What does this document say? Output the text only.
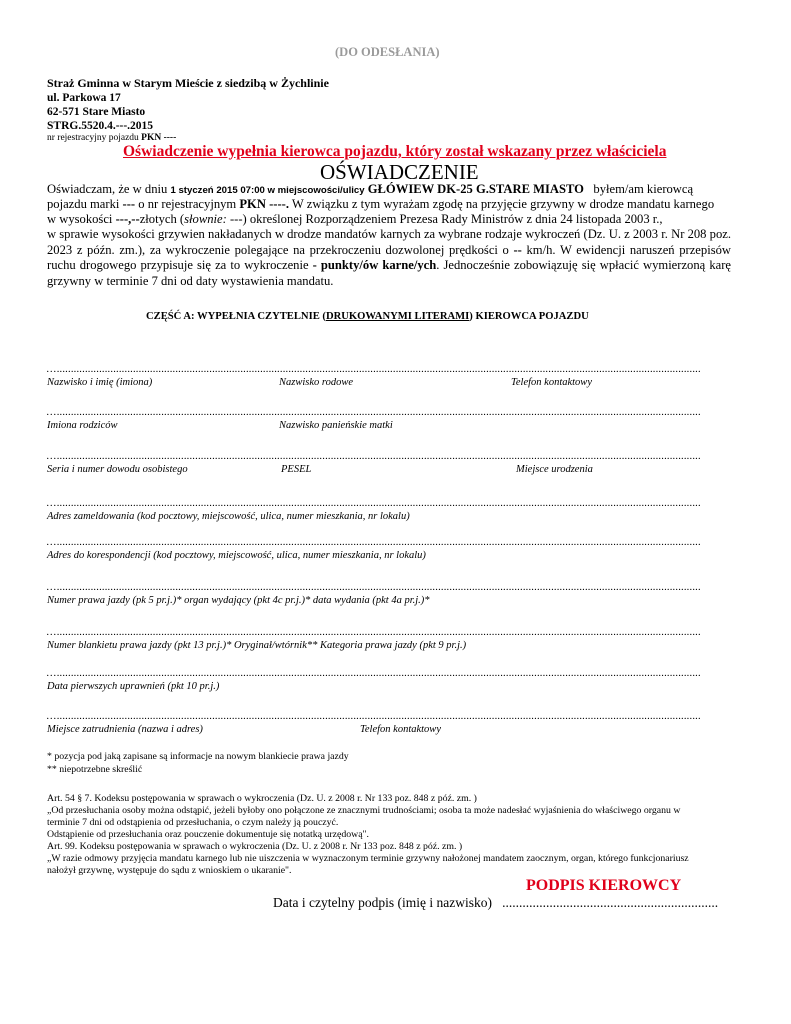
(DO ODESŁANIA)
Straż Gminna w Starym Mieście z siedzibą w Żychlinie
ul. Parkowa 17
62-571 Stare Miasto
STRG.5520.4.---.2015
nr rejestracyjny pojazdu PKN ----
Oświadczenie wypełnia kierowca pojazdu, który został wskazany przez właściciela
OŚWIADCZENIE
Oświadczam, że w dniu 1 styczeń 2015 07:00 w miejscowości/ulicy GŁÓWIEW DK-25 G.STARE MIASTO byłem/am kierowcą
pojazdu marki --- o nr rejestracyjnym PKN ----. W związku z tym wyrażam zgodę na przyjęcie grzywny w drodze mandatu karnego
w wysokości ---,--złotych (słownie: ---) określonej Rozporządzeniem Prezesa Rady Ministrów z dnia 24 listopada 2003 r.,
w sprawie wysokości grzywien nakładanych w drodze mandatów karnych za wybrane rodzaje wykroczeń (Dz. U. z 2003 r. Nr 208 poz. 2023 z późn. zm.), za wykroczenie polegające na przekroczeniu dozwolonej prędkości o -- km/h. W ewidencji naruszeń przepisów ruchu drogowego przypisuje się za to wykroczenie - punkty/ów karne/ych. Jednocześnie zobowiązuję się wpłacić wymierzoną karę grzywny w terminie 7 dni od daty wystawienia mandatu.
CZĘŚĆ A: WYPEŁNIA CZYTELNIE (DRUKOWANYMI LITERAMI) KIEROWCA POJAZDU
…....................................................................................................................................................................................................................................
Nazwisko i imię (imiona)	Nazwisko rodowe	Telefon kontaktowy
…....................................................................................................................................................................................................................................
Imiona rodziców	Nazwisko panieńskie matki
…....................................................................................................................................................................................................................................
Seria i numer dowodu osobistego	PESEL	Miejsce urodzenia
…....................................................................................................................................................................................................................................
Adres zameldowania (kod pocztowy, miejscowość, ulica, numer mieszkania, nr lokalu)
…....................................................................................................................................................................................................................................
Adres do korespondencji (kod pocztowy, miejscowość, ulica, numer mieszkania, nr lokalu)
…....................................................................................................................................................................................................................................
Numer prawa jazdy (pk 5 pr.j.)* organ wydający (pkt 4c pr.j.)* data wydania (pkt 4a pr.j.)*
…....................................................................................................................................................................................................................................
Numer blankietu prawa jazdy (pkt 13 pr.j.)* Oryginał/wtórnik** Kategoria prawa jazdy (pkt 9 pr.j.)
…....................................................................................................................................................................................................................................
Data pierwszych uprawnień (pkt 10 pr.j.)
…....................................................................................................................................................................................................................................
Miejsce zatrudnienia (nazwa i adres)	Telefon kontaktowy
* pozycja pod jaką zapisane są informacje na nowym blankiecie prawa jazdy
** niepotrzebne skreślić
Art. 54 § 7. Kodeksu postępowania w sprawach o wykroczenia (Dz. U. z 2008 r. Nr 133 poz. 848 z póź. zm. )
„Od przesłuchania osoby można odstąpić, jeżeli byłoby ono połączone ze znacznymi trudnościami; osoba ta może nadesłać wyjaśnienia do właściwego organu w
terminie 7 dni od odstąpienia od przesłuchania, o czym należy ją pouczyć.
Odstąpienie od przesłuchania oraz pouczenie dokumentuje się notatką urzędową".
Art. 99. Kodeksu postępowania w sprawach o wykroczenia (Dz. U. z 2008 r. Nr 133 poz. 848 z póź. zm. )
„W razie odmowy przyjęcia mandatu karnego lub nie uiszczenia w wyznaczonym terminie grzywny nałożonej mandatem zaocznym, organ, którego funkcjonariusz
nałożył grzywnę, występuje do sądu z wnioskiem o ukaranie".
PODPIS KIEROWCY
Data i czytelny podpis (imię i nazwisko) ................................................................
